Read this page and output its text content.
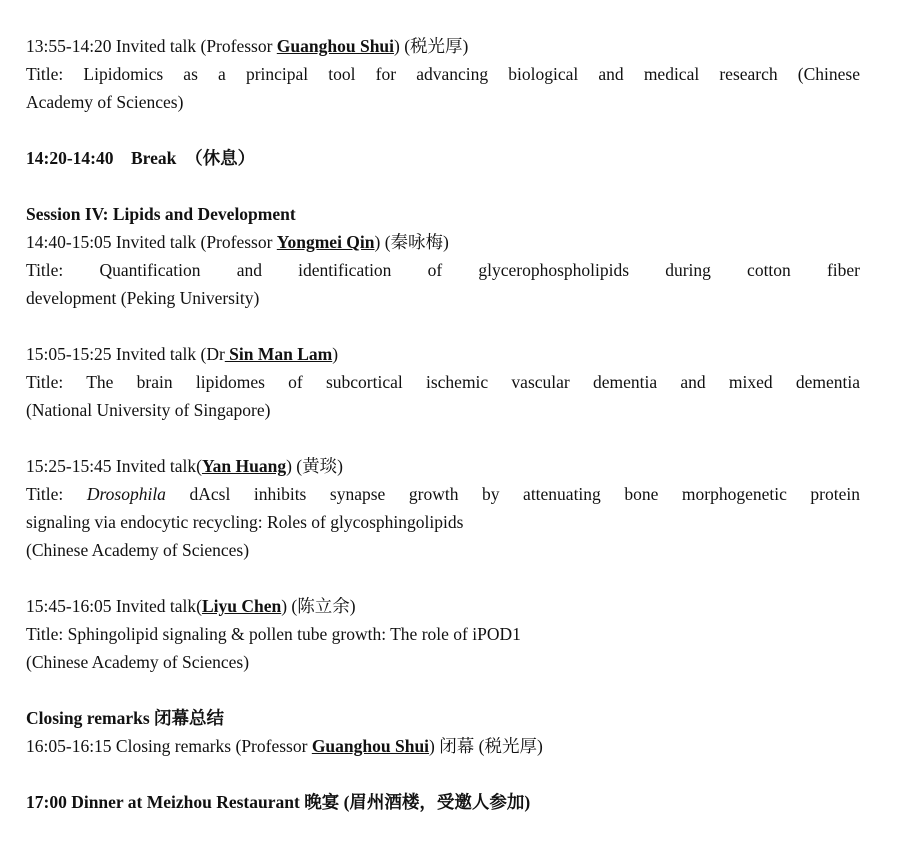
13:55-14:20 Invited talk (Professor Guanghou Shui) (税光厚)
Title: Lipidomics as a principal tool for advancing biological and medical research (Chinese
Academy of Sciences)
14:20-14:40 Break （休息）
Session IV: Lipids and Development
14:40-15:05 Invited talk (Professor Yongmei Qin) (秦咏梅)
Title: Quantification and identification of glycerophospholipids during cotton fiber
development (Peking University)
15:05-15:25 Invited talk (Dr Sin Man Lam)
Title: The brain lipidomes of subcortical ischemic vascular dementia and mixed dementia
(National University of Singapore)
15:25-15:45 Invited talk(Yan Huang) (黄琰)
Title: Drosophila dAcsl inhibits synapse growth by attenuating bone morphogenetic protein
signaling via endocytic recycling: Roles of glycosphingolipids
(Chinese Academy of Sciences)
15:45-16:05 Invited talk(Liyu Chen) (陈立余)
Title: Sphingolipid signaling & pollen tube growth: The role of iPOD1
(Chinese Academy of Sciences)
Closing remarks 闭幕总结
16:05-16:15 Closing remarks (Professor Guanghou Shui) 闭幕 (税光厚)
17:00 Dinner at Meizhou Restaurant 晚宴 (眉州酒楼，受邀人参加)
